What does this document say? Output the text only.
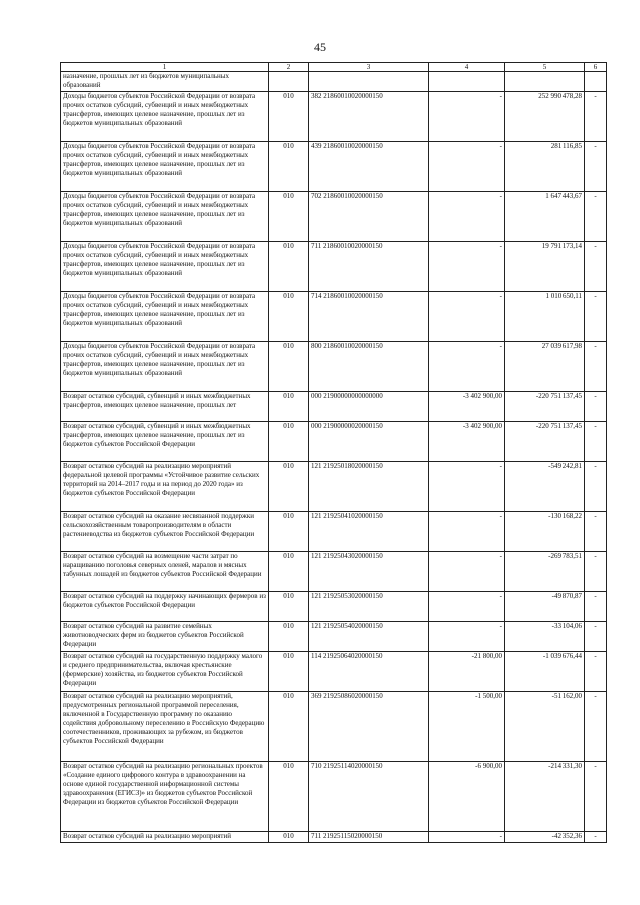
45
1	2	3	4	5	6
назначение, прошлых лет из бюджетов муниципальных образований					
Доходы бюджетов субъектов Российской Федерации от возврата прочих остатков субсидий, субвенций и иных межбюджетных трансфертов, имеющих целевое назначение, прошлых лет из бюджетов муниципальных образований	010	382 21860010020000150	-	252 990 478,28	-
Доходы бюджетов субъектов Российской Федерации от возврата прочих остатков субсидий, субвенций и иных межбюджетных трансфертов, имеющих целевое назначение, прошлых лет из бюджетов муниципальных образований	010	439 21860010020000150	-	281 116,85	-
Доходы бюджетов субъектов Российской Федерации от возврата прочих остатков субсидий, субвенций и иных межбюджетных трансфертов, имеющих целевое назначение, прошлых лет из бюджетов муниципальных образований	010	702 21860010020000150	-	1 647 443,67	-
Доходы бюджетов субъектов Российской Федерации от возврата прочих остатков субсидий, субвенций и иных межбюджетных трансфертов, имеющих целевое назначение, прошлых лет из бюджетов муниципальных образований	010	711 21860010020000150	-	19 791 173,14	-
Доходы бюджетов субъектов Российской Федерации от возврата прочих остатков субсидий, субвенций и иных межбюджетных трансфертов, имеющих целевое назначение, прошлых лет из бюджетов муниципальных образований	010	714 21860010020000150	-	1 010 650,11	-
Доходы бюджетов субъектов Российской Федерации от возврата прочих остатков субсидий, субвенций и иных межбюджетных трансфертов, имеющих целевое назначение, прошлых лет из бюджетов муниципальных образований	010	800 21860010020000150	-	27 039 617,98	-
Возврат остатков субсидий, субвенций и иных межбюджетных трансфертов, имеющих целевое назначение, прошлых лет	010	000 21900000000000000	-3 402 900,00	-220 751 137,45	-
Возврат остатков субсидий, субвенций и иных межбюджетных трансфертов, имеющих целевое назначение, прошлых лет из бюджетов субъектов Российской Федерации	010	000 21900000020000150	-3 402 900,00	-220 751 137,45	-
Возврат остатков субсидий на реализацию мероприятий федеральной целевой программы «Устойчивое развитие сельских территорий на 2014–2017 годы и на период до 2020 года» из бюджетов субъектов Российской Федерации	010	121 21925018020000150	-	-549 242,81	-
Возврат остатков субсидий на оказание несвязанной поддержки сельскохозяйственным товаропроизводителям в области растениеводства из бюджетов субъектов Российской Федерации	010	121 21925041020000150	-	-130 168,22	-
Возврат остатков субсидий на возмещение части затрат по наращиванию поголовья северных оленей, маралов и мясных табунных лошадей из бюджетов субъектов Российской Федерации	010	121 21925043020000150	-	-269 783,51	-
Возврат остатков субсидий на поддержку начинающих фермеров из бюджетов субъектов Российской Федерации	010	121 21925053020000150	-	-49 870,87	-
Возврат остатков субсидий на развитие семейных животноводческих ферм из бюджетов субъектов Российской Федерации	010	121 21925054020000150	-	-33 104,06	-
Возврат остатков субсидий на государственную поддержку малого и среднего предпринимательства, включая крестьянские (фермерские) хозяйства, из бюджетов субъектов Российской Федерации	010	114 21925064020000150	-21 800,00	-1 039 676,44	-
Возврат остатков субсидий на реализацию мероприятий, предусмотренных региональной программой переселения, включенной в Государственную программу по оказанию содействия добровольному переселению в Российскую Федерацию соотечественников, проживающих за рубежом, из бюджетов субъектов Российской Федерации	010	369 21925086020000150	-1 500,00	-51 162,00	-
Возврат остатков субсидий на реализацию региональных проектов «Создание единого цифрового контура в здравоохранении на основе единой государственной информационной системы здравоохранения (ЕГИСЗ)» из бюджетов субъектов Российской Федерации из бюджетов субъектов Российской Федерации	010	710 21925114020000150	-6 900,00	-214 331,30	-
Возврат остатков субсидий на реализацию мероприятий	010	711 21925115020000150	-	-42 352,36	-
